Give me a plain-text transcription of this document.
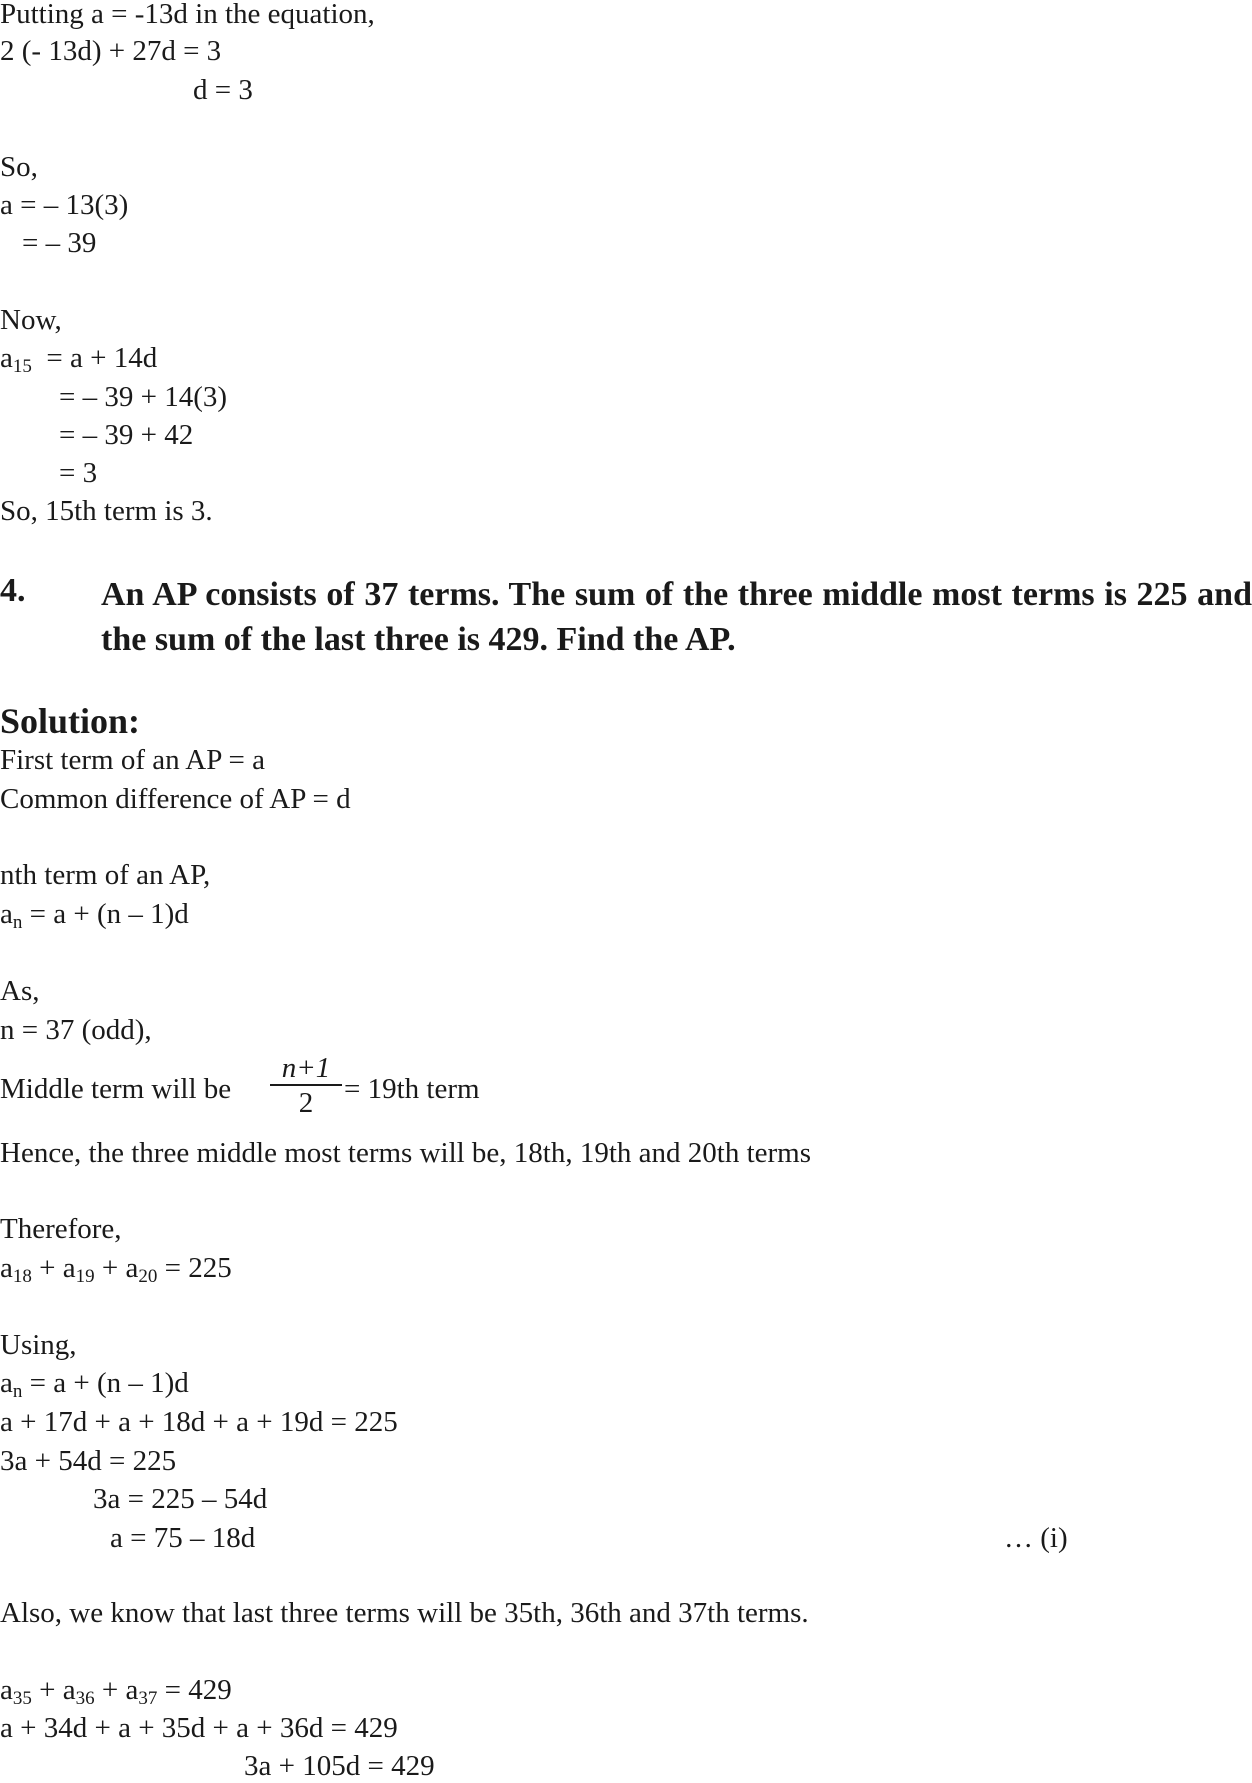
4. An AP consists of 37 terms. The sum of the three middle most terms is 225 and the sum of the last three is 429. Find the AP.
Solution:
n+1
2
Putting a = -13d in the equation,
2 (- 13d) + 27d = 3
d = 3
So,
a = – 13(3)
= – 39
Now,
$a_{15} = a + 14d$
= – 39 + 14(3)
= – 39 + 42
= 3
So, 15th term is 3.
First term of an AP = a
Common difference of AP = d
nth term of an AP,
$a_n = a + (n - 1)d$
As,
n = 37 (odd),
Middle term will be	= 19th term
Hence, the three middle most terms will be, 18th, 19th and 20th terms
Therefore,
$a_{18} + a_{19} + a_{20} = 225$
Using,
$a_n = a + (n - 1)d$
a + 17d + a + 18d + a + 19d = 225
3a + 54d = 225
3a = 225 – 54d
a = 75 – 18d	… (i)
Also, we know that last three terms will be 35th, 36th and 37th terms.
$a_{35} + a_{36} + a_{37} = 429$
a + 34d + a + 35d + a + 36d = 429
3a + 105d = 429
